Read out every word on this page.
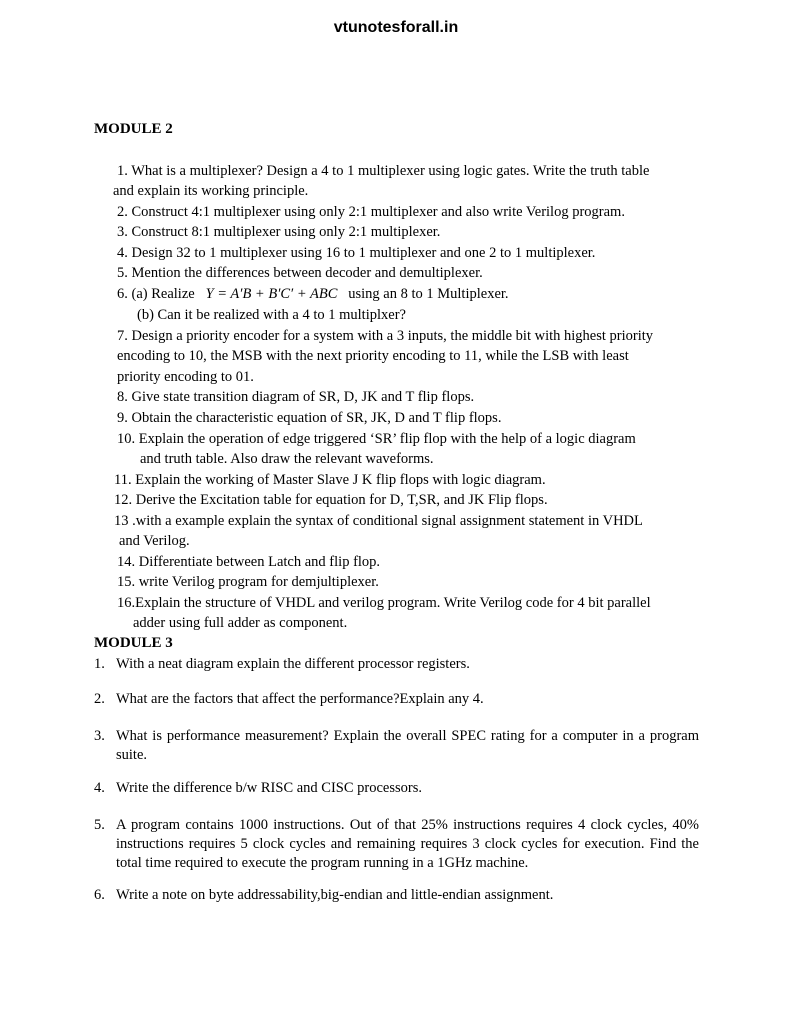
vtunotesforall.in
MODULE 2
1. What is a multiplexer? Design a 4 to 1 multiplexer using logic gates. Write the truth table
and explain its working principle.
2. Construct 4:1 multiplexer using only 2:1 multiplexer and also write Verilog program.
3. Construct 8:1 multiplexer using only 2:1 multiplexer.
4. Design 32 to 1 multiplexer using 16 to 1 multiplexer and one 2 to 1 multiplexer.
5. Mention the differences between decoder and demultiplexer.
6. (a) Realize Y = A′B + B′C′ + ABC using an 8 to 1 Multiplexer.
(b) Can it be realized with a 4 to 1 multiplxer?
7. Design a priority encoder for a system with a 3 inputs, the middle bit with highest priority
encoding to 10, the MSB with the next priority encoding to 11, while the LSB with least
priority encoding to 01.
8. Give state transition diagram of SR, D, JK and T flip flops.
9. Obtain the characteristic equation of SR, JK, D and T flip flops.
10. Explain the operation of edge triggered ‘SR’ flip flop with the help of a logic diagram
and truth table. Also draw the relevant waveforms.
11. Explain the working of Master Slave J K flip flops with logic diagram.
12. Derive the Excitation table for equation for D, T,SR, and JK Flip flops.
13 .with a example explain the syntax of conditional signal assignment statement in VHDL
and Verilog.
14. Differentiate between Latch and flip flop.
15. write Verilog program for demjultiplexer.
16.Explain the structure of VHDL and verilog program. Write Verilog code for 4 bit parallel
adder using full adder as component.
MODULE 3
1. With a neat diagram explain the different processor registers.
2. What are the factors that affect the performance?Explain any 4.
3. What is performance measurement? Explain the overall SPEC rating for a computer in a program suite.
4. Write the difference b/w RISC and CISC processors.
5. A program contains 1000 instructions. Out of that 25% instructions requires 4 clock cycles, 40% instructions requires 5 clock cycles and remaining requires 3 clock cycles for execution. Find the total time required to execute the program running in a 1GHz machine.
6. Write a note on byte addressability,big-endian and little-endian assignment.
